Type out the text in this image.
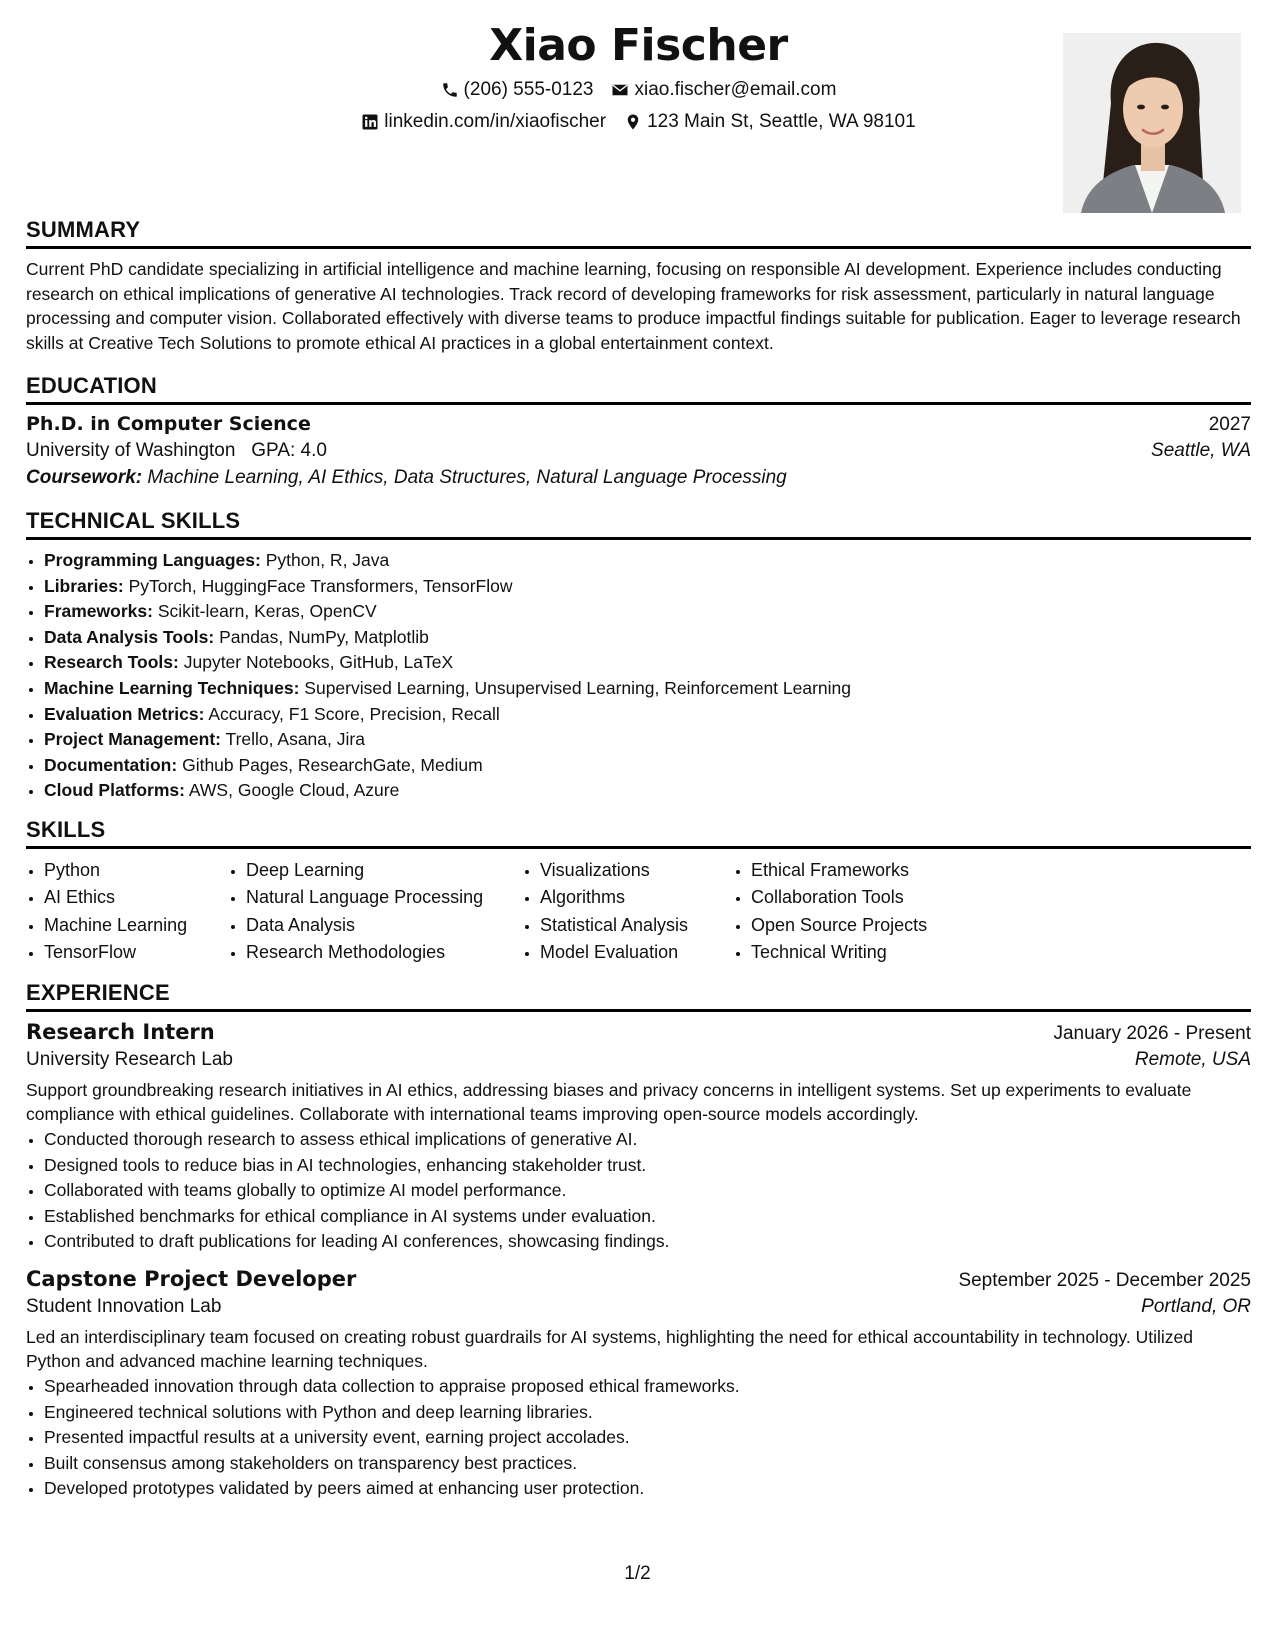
Xiao Fischer
(206) 555-0123 xiao.fischer@email.com
linkedin.com/in/xiaofischer 123 Main St, Seattle, WA 98101
SUMMARY

Current PhD candidate specializing in artificial intelligence and machine learning, focusing on responsible AI development. Experience includes conducting research on ethical implications of generative AI technologies. Track record of developing frameworks for risk assessment, particularly in natural language processing and computer vision. Collaborated effectively with diverse teams to produce impactful findings suitable for publication. Eager to leverage research skills at Creative Tech Solutions to promote ethical AI practices in a global entertainment context.

EDUCATION
Ph.D. in Computer Science	2027
University of Washington GPA: 4.0	Seattle, WA
Coursework: Machine Learning, AI Ethics, Data Structures, Natural Language Processing
TECHNICAL SKILLS
• Programming Languages: Python, R, Java
• Libraries: PyTorch, HuggingFace Transformers, TensorFlow
• Frameworks: Scikit-learn, Keras, OpenCV
• Data Analysis Tools: Pandas, NumPy, Matplotlib
• Research Tools: Jupyter Notebooks, GitHub, LaTeX
• Machine Learning Techniques: Supervised Learning, Unsupervised Learning, Reinforcement Learning
• Evaluation Metrics: Accuracy, F1 Score, Precision, Recall
• Project Management: Trello, Asana, Jira
• Documentation: Github Pages, ResearchGate, Medium
• Cloud Platforms: AWS, Google Cloud, Azure
SKILLS
• Python
• AI Ethics
• Machine Learning
• TensorFlow
• Deep Learning
• Natural Language Processing
• Data Analysis
• Research Methodologies
• Visualizations
• Algorithms
• Statistical Analysis
• Model Evaluation
• Ethical Frameworks
• Collaboration Tools
• Open Source Projects
• Technical Writing
EXPERIENCE
Research Intern	January 2026 - Present
University Research Lab	Remote, USA

Support groundbreaking research initiatives in AI ethics, addressing biases and privacy concerns in intelligent systems. Set up experiments to evaluate compliance with ethical guidelines. Collaborate with international teams improving open-source models accordingly.

• Conducted thorough research to assess ethical implications of generative AI.
• Designed tools to reduce bias in AI technologies, enhancing stakeholder trust.
• Collaborated with teams globally to optimize AI model performance.
• Established benchmarks for ethical compliance in AI systems under evaluation.
• Contributed to draft publications for leading AI conferences, showcasing findings.
Capstone Project Developer	September 2025 - December 2025
Student Innovation Lab	Portland, OR

Led an interdisciplinary team focused on creating robust guardrails for AI systems, highlighting the need for ethical accountability in technology. Utilized Python and advanced machine learning techniques.

• Spearheaded innovation through data collection to appraise proposed ethical frameworks.
• Engineered technical solutions with Python and deep learning libraries.
• Presented impactful results at a university event, earning project accolades.
• Built consensus among stakeholders on transparency best practices.
• Developed prototypes validated by peers aimed at enhancing user protection.
1/2
